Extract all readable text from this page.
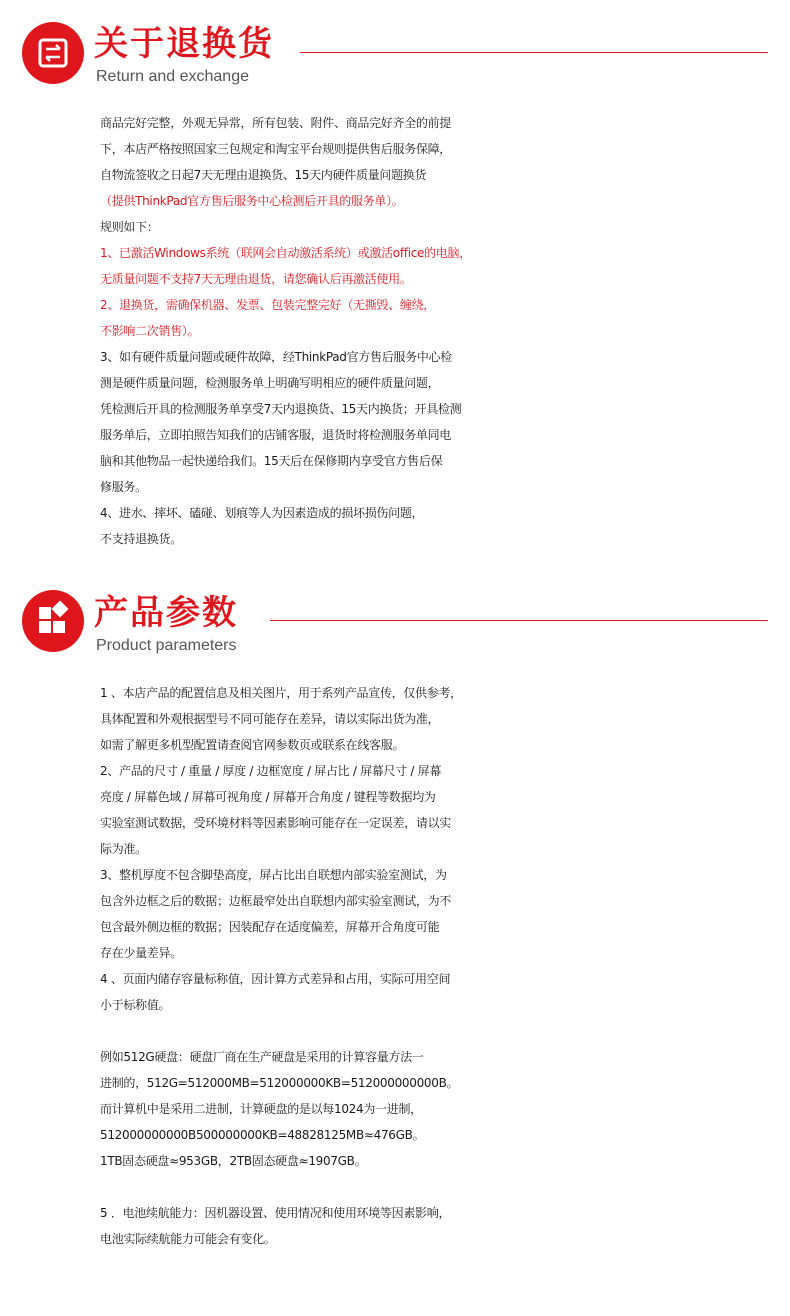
关于退换货
Return and exchange
商品完好完整，外观无异常，所有包装、附件、商品完好齐全的前提
下，本店严格按照国家三包规定和淘宝平台规则提供售后服务保障，
自物流签收之日起7天无理由退换货、15天内硬件质量问题换货
（提供ThinkPad官方售后服务中心检测后开具的服务单）。
规则如下：
1、已激活Windows系统（联网会自动激活系统）或激活office的电脑，
无质量问题不支持7天无理由退货，请您确认后再激活使用。
2、退换货，需确保机器、发票、包装完整完好（无撕毁、缠绕，
不影响二次销售）。
3、如有硬件质量问题或硬件故障，经ThinkPad官方售后服务中心检
测是硬件质量问题，检测服务单上明确写明相应的硬件质量问题，
凭检测后开具的检测服务单享受7天内退换货、15天内换货；开具检测
服务单后，立即拍照告知我们的店铺客服，退货时将检测服务单同电
脑和其他物品一起快递给我们。15天后在保修期内享受官方售后保
修服务。
4、进水、摔坏、磕碰、划痕等人为因素造成的损坏损伤问题，
不支持退换货。
产品参数
Product parameters
1 、本店产品的配置信息及相关图片，用于系列产品宣传，仅供参考，
具体配置和外观根据型号不同可能存在差异，请以实际出货为准，
如需了解更多机型配置请查阅官网参数页或联系在线客服。
2、产品的尺寸 / 重量 / 厚度 / 边框宽度 / 屏占比 / 屏幕尺寸 / 屏幕
亮度 / 屏幕色域 / 屏幕可视角度 / 屏幕开合角度 / 键程等数据均为
实验室测试数据，受环境材料等因素影响可能存在一定误差，请以实
际为准。
3、整机厚度不包含脚垫高度，屏占比出自联想内部实验室测试，为
包含外边框之后的数据；边框最窄处出自联想内部实验室测试，为不
包含最外侧边框的数据；因装配存在适度偏差，屏幕开合角度可能
存在少量差异。
4 、页面内储存容量标称值，因计算方式差异和占用，实际可用空间
小于标称值。
例如512G硬盘：硬盘厂商在生产硬盘是采用的计算容量方法一
进制的，512G=512000MB=512000000KB=512000000000B。
而计算机中是采用二进制，计算硬盘的是以每1024为一进制，
512000000000B500000000KB=48828125MB≈476GB。
1TB固态硬盘≈953GB，2TB固态硬盘≈1907GB。
5 ．电池续航能力：因机器设置、使用情况和使用环境等因素影响，
电池实际续航能力可能会有变化。
